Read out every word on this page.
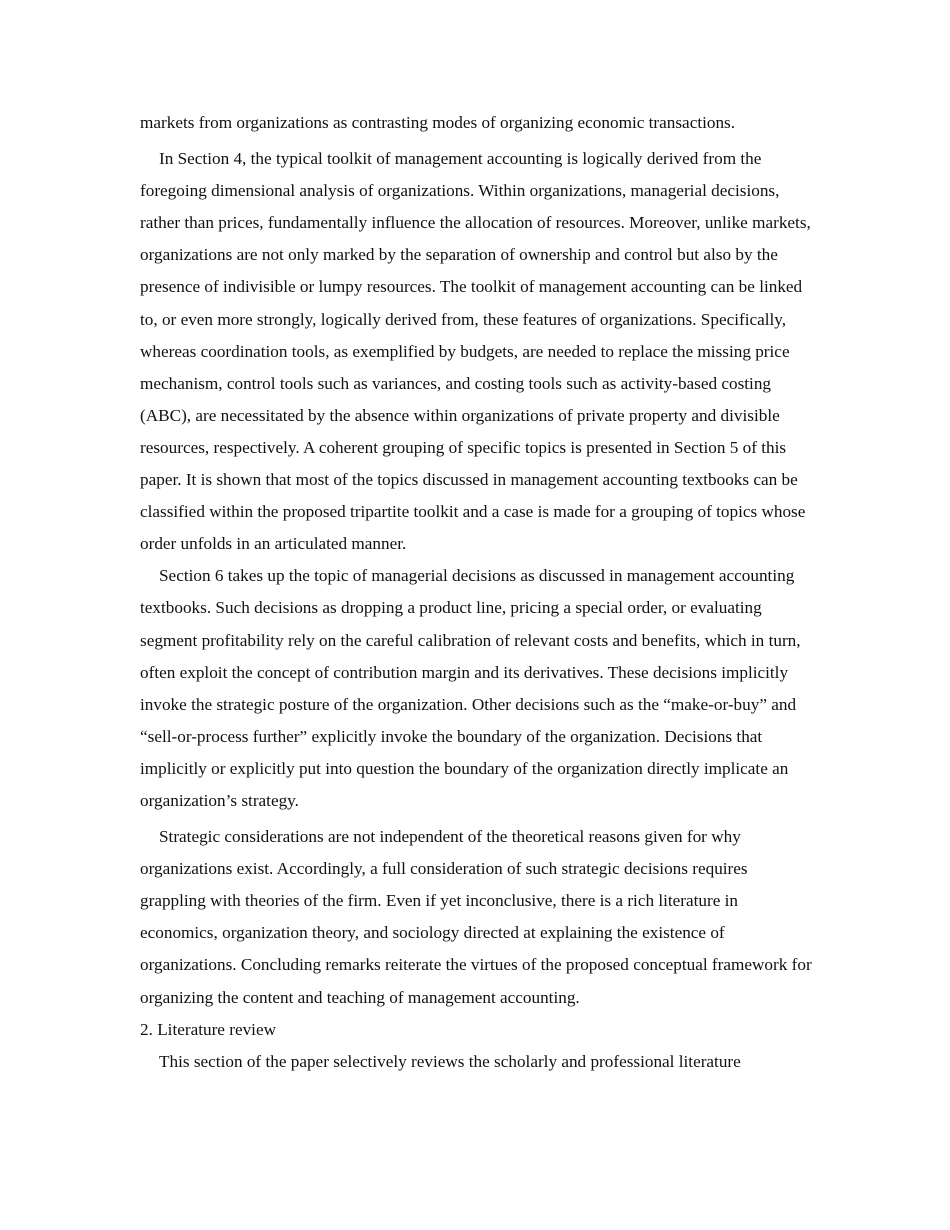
markets from organizations as contrasting modes of organizing economic transactions.

In Section 4, the typical toolkit of management accounting is logically derived from the foregoing dimensional analysis of organizations. Within organizations, managerial decisions, rather than prices, fundamentally influence the allocation of resources. Moreover, unlike markets, organizations are not only marked by the separation of ownership and control but also by the presence of indivisible or lumpy resources. The toolkit of management accounting can be linked to, or even more strongly, logically derived from, these features of organizations. Specifically, whereas coordination tools, as exemplified by budgets, are needed to replace the missing price mechanism, control tools such as variances, and costing tools such as activity-based costing (ABC), are necessitated by the absence within organizations of private property and divisible resources, respectively. A coherent grouping of specific topics is presented in Section 5 of this paper. It is shown that most of the topics discussed in management accounting textbooks can be classified within the proposed tripartite toolkit and a case is made for a grouping of topics whose order unfolds in an articulated manner.

Section 6 takes up the topic of managerial decisions as discussed in management accounting textbooks. Such decisions as dropping a product line, pricing a special order, or evaluating segment profitability rely on the careful calibration of relevant costs and benefits, which in turn, often exploit the concept of contribution margin and its derivatives. These decisions implicitly invoke the strategic posture of the organization. Other decisions such as the “make-or-buy” and “sell-or-process further” explicitly invoke the boundary of the organization. Decisions that implicitly or explicitly put into question the boundary of the organization directly implicate an organization’s strategy.

Strategic considerations are not independent of the theoretical reasons given for why organizations exist. Accordingly, a full consideration of such strategic decisions requires grappling with theories of the firm. Even if yet inconclusive, there is a rich literature in economics, organization theory, and sociology directed at explaining the existence of organizations. Concluding remarks reiterate the virtues of the proposed conceptual framework for organizing the content and teaching of management accounting.

2. Literature review

This section of the paper selectively reviews the scholarly and professional literature
